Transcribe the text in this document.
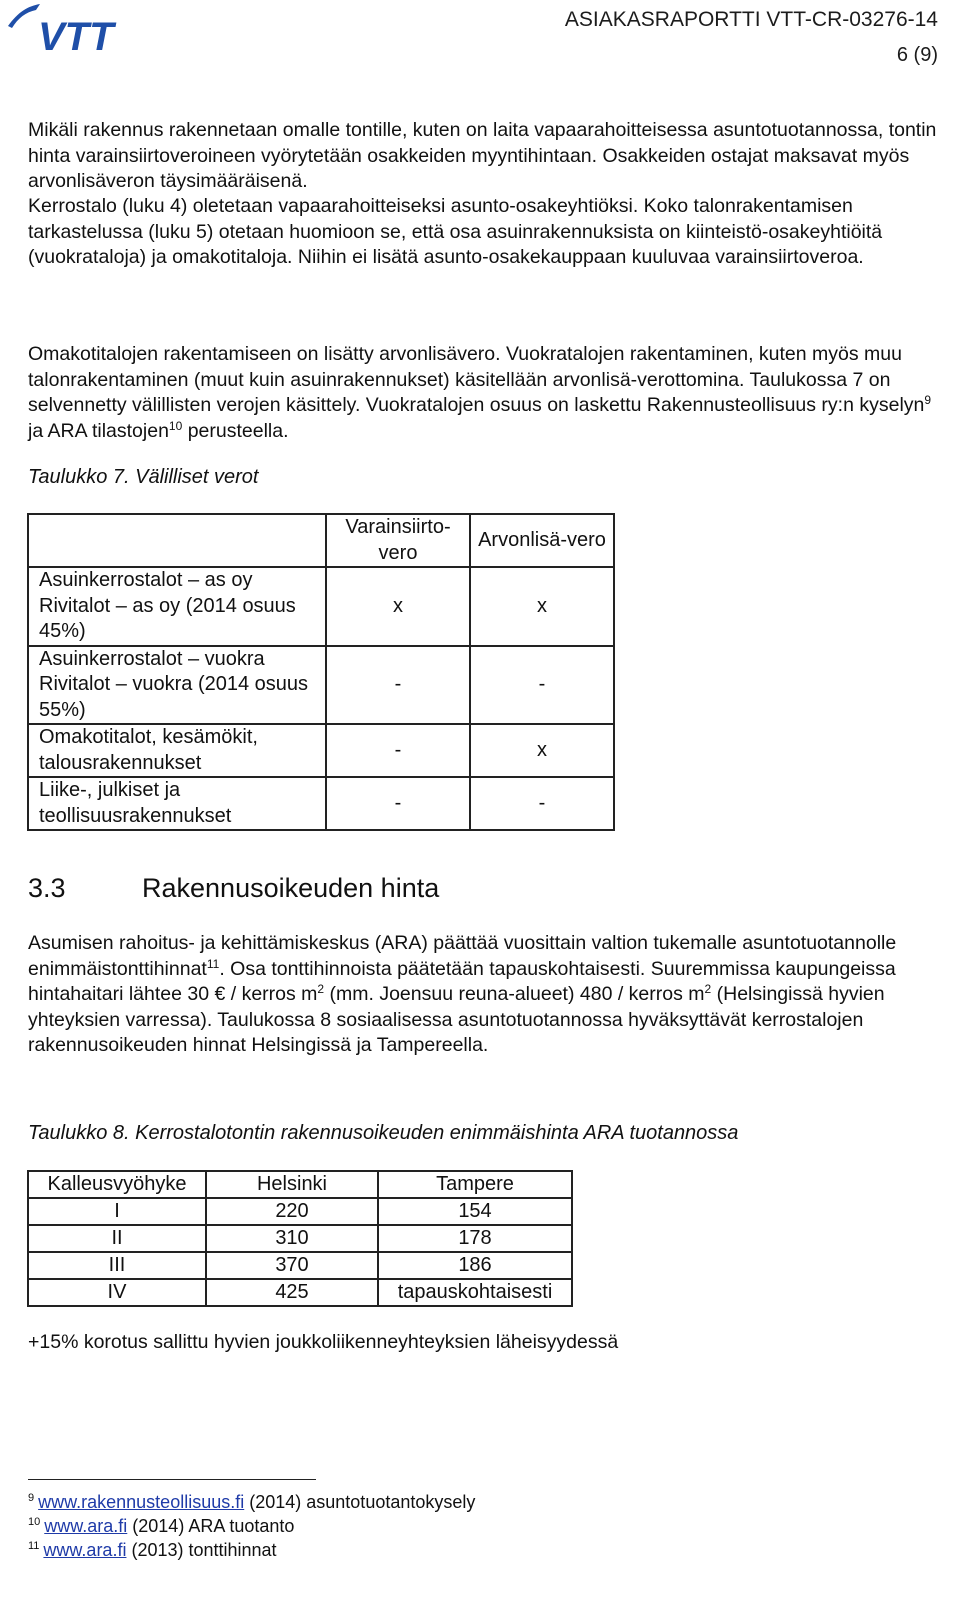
VTT	ASIAKASRAPORTTI VTT-CR-03276-14
6 (9)

Mikäli rakennus rakennetaan omalle tontille, kuten on laita vapaarahoitteisessa asuntotuotannossa, tontin hinta varainsiirtoveroineen vyörytetään osakkeiden myyntihintaan. Osakkeiden ostajat maksavat myös arvonlisäveron täysimääräisenä.

Kerrostalo (luku 4) oletetaan vapaarahoitteiseksi asunto-osakeyhtiöksi. Koko talonrakentamisen tarkastelussa (luku 5) otetaan huomioon se, että osa asuinrakennuksista on kiinteistö-osakeyhtiöitä (vuokrataloja) ja omakotitaloja. Niihin ei lisätä asunto-osakekauppaan kuuluvaa varainsiirtoveroa.

Omakotitalojen rakentamiseen on lisätty arvonlisävero. Vuokratalojen rakentaminen, kuten myös muu talonrakentaminen (muut kuin asuinrakennukset) käsitellään arvonlisä-verottomina. Taulukossa 7 on selvennetty välillisten verojen käsittely. Vuokratalojen osuus on laskettu Rakennusteollisuus ry:n kyselyn$^9$ ja ARA tilastojen$^{10}$ perusteella.

Taulukko 7. Välilliset verot
	Varainsiirto-vero	Arvonlisä-vero
Asuinkerrostalot – as oy Rivitalot – as oy (2014 osuus 45%)	x	x
Asuinkerrostalot – vuokra Rivitalot – vuokra (2014 osuus 55%)	-	-
Omakotitalot, kesämökit, talousrakennukset	-	x
Liike-, julkiset ja teollisuusrakennukset	-	-
3.3	Rakennusoikeuden hinta

Asumisen rahoitus- ja kehittämiskeskus (ARA) päättää vuosittain valtion tukemalle asuntotuotannolle enimmäistonttihinnat$^{11}$. Osa tonttihinnoista päätetään tapauskohtaisesti. Suuremmissa kaupungeissa hintahaitari lähtee 30 € / kerros $m^2$ (mm. Joensuu reuna-alueet) 480 / kerros $m^2$ (Helsingissä hyvien yhteyksien varressa). Taulukossa 8 sosiaalisessa asuntotuotannossa hyväksyttävät kerrostalojen rakennusoikeuden hinnat Helsingissä ja Tampereella.

Taulukko 8. Kerrostalotontin rakennusoikeuden enimmäishinta ARA tuotannossa
Kalleusvyöhyke	Helsinki	Tampere
I	220	154
II	310	178
III	370	186
IV	425	tapauskohtaisesti

+15% korotus sallittu hyvien joukkoliikenneyhteyksien läheisyydessä

$^9$ www.rakennusteollisuus.fi (2014) asuntotuotantokysely
$^{10}$ www.ara.fi (2014) ARA tuotanto
$^{11}$ www.ara.fi (2013) tonttihinnat
